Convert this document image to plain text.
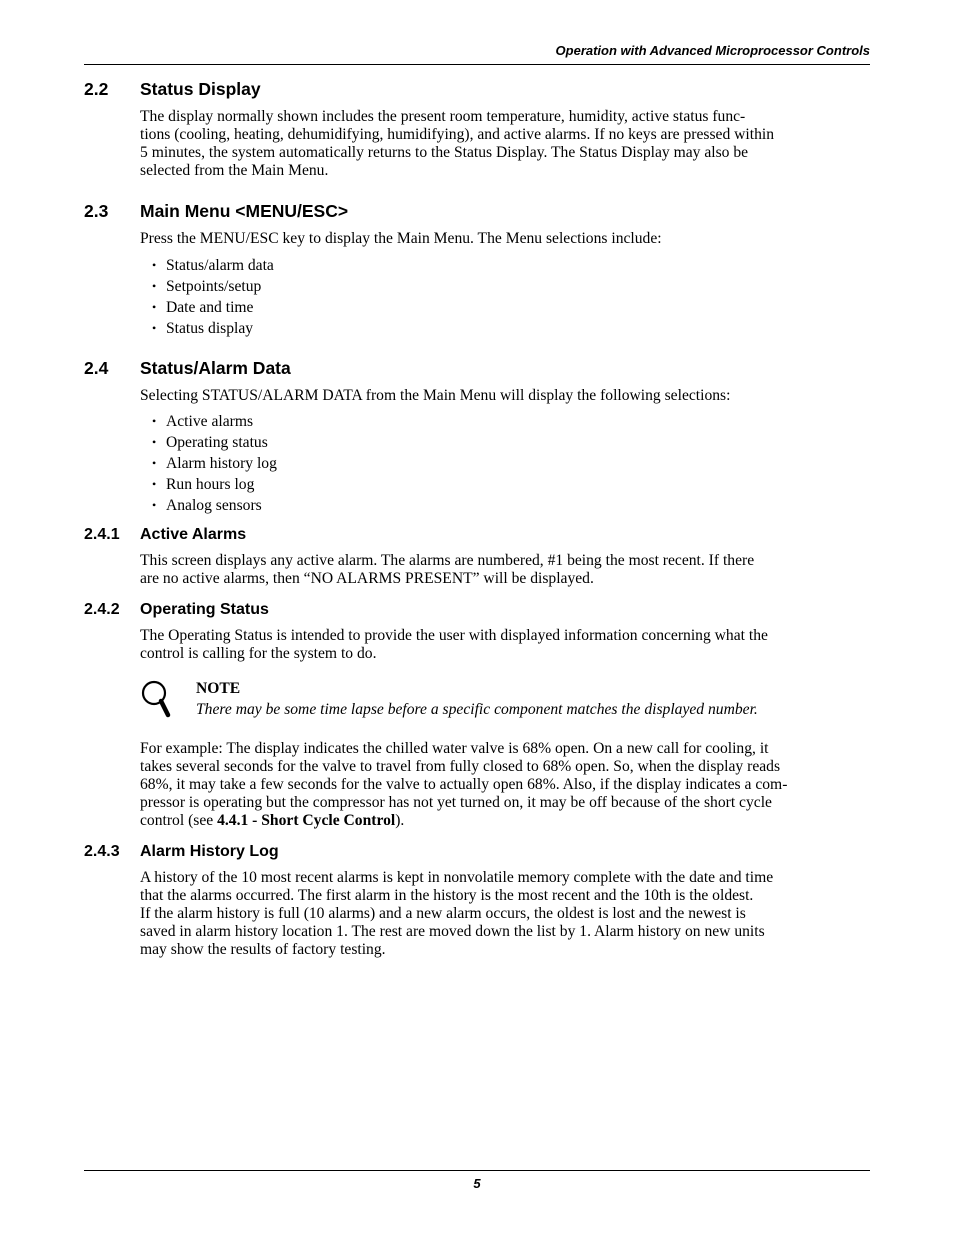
Operation with Advanced Microprocessor Controls
2.2	Status Display

The display normally shown includes the present room temperature, humidity, active status func-

tions (cooling, heating, dehumidifying, humidifying), and active alarms. If no keys are pressed within

5 minutes, the system automatically returns to the Status Display. The Status Display may also be

selected from the Main Menu.

2.3	Main Menu <MENU/ESC>

Press the MENU/ESC key to display the Main Menu. The Menu selections include:

• Status/alarm data
• Setpoints/setup
• Date and time
• Status display
2.4	Status/Alarm Data

Selecting STATUS/ALARM DATA from the Main Menu will display the following selections:

• Active alarms
• Operating status
• Alarm history log
• Run hours log
• Analog sensors
2.4.1	Active Alarms

This screen displays any active alarm. The alarms are numbered, #1 being the most recent. If there

are no active alarms, then “NO ALARMS PRESENT” will be displayed.

2.4.2	Operating Status

The Operating Status is intended to provide the user with displayed information concerning what the

control is calling for the system to do.

NOTE
There may be some time lapse before a specific component matches the displayed number.

For example: The display indicates the chilled water valve is 68% open. On a new call for cooling, it

takes several seconds for the valve to travel from fully closed to 68% open. So, when the display reads

68%, it may take a few seconds for the valve to actually open 68%. Also, if the display indicates a com-

pressor is operating but the compressor has not yet turned on, it may be off because of the short cycle

control (see 4.4.1 - Short Cycle Control).

2.4.3	Alarm History Log

A history of the 10 most recent alarms is kept in nonvolatile memory complete with the date and time

that the alarms occurred. The first alarm in the history is the most recent and the 10th is the oldest.

If the alarm history is full (10 alarms) and a new alarm occurs, the oldest is lost and the newest is

saved in alarm history location 1. The rest are moved down the list by 1. Alarm history on new units

may show the results of factory testing.

5
